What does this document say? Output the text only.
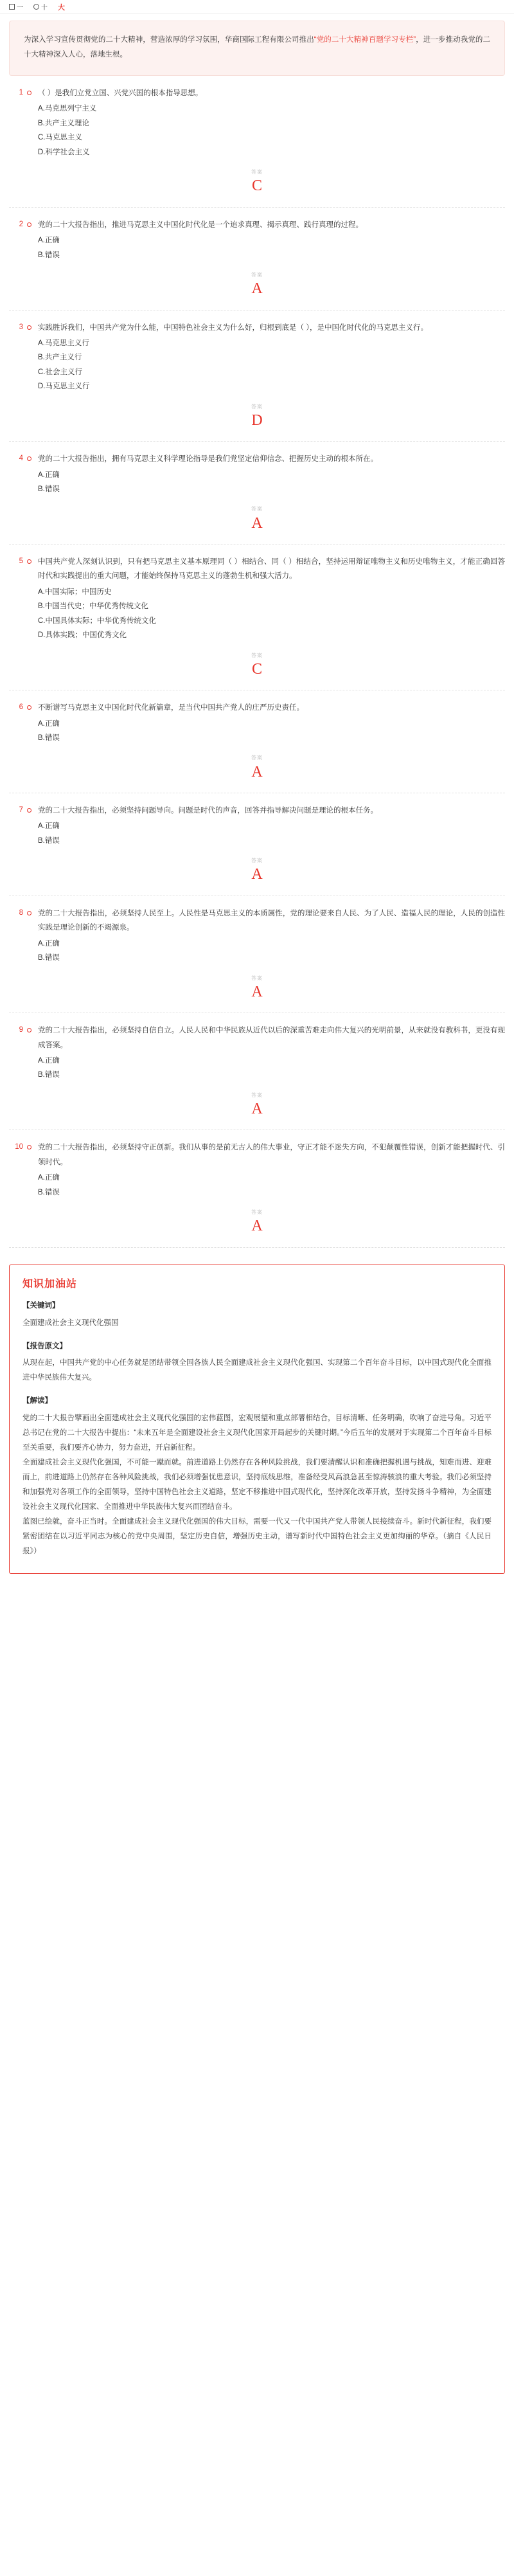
一	十 大

为深入学习宣传贯彻党的二十大精神，营造浓厚的学习氛围，华商国际工程有限公司推出“党的二十大精神百题学习专栏”，进一步推动我党的二十大精神深入人心，落地生根。

1 （ ）是我们立党立国、兴党兴国的根本指导思想。

A.马克思列宁主义
B.共产主义理论
C.马克思主义
D.科学社会主义
答案
C
2 党的二十大报告指出，推进马克思主义中国化时代化是一个追求真理、揭示真理、践行真理的过程。

A.正确
B.错误
答案
A
3 实践胜诉我们，中国共产党为什么能，中国特色社会主义为什么好，归根到底是（ ），是中国化时代化的马克思主义行。

A.马克思主义行
B.共产主义行
C.社会主义行
D.马克思主义行
答案
D
4 党的二十大报告指出，拥有马克思主义科学理论指导是我们党坚定信仰信念、把握历史主动的根本所在。

A.正确
B.错误
答案
A
5 中国共产党人深刻认识到，只有把马克思主义基本原理同（ ）相结合、同（ ）相结合，坚持运用辩证唯物主义和历史唯物主义，才能正确回答时代和实践提出的重大问题，才能始终保持马克思主义的蓬勃生机和强大活力。

A.中国实际；中国历史
B.中国当代史；中华优秀传统文化
C.中国具体实际；中华优秀传统文化
D.具体实践；中国优秀文化
答案
C
6 不断谱写马克思主义中国化时代化新篇章，是当代中国共产党人的庄严历史责任。

A.正确
B.错误
答案
A
7 党的二十大报告指出，必须坚持问题导向。问题是时代的声音，回答并指导解决问题是理论的根本任务。

A.正确
B.错误
答案
A
8 党的二十大报告指出，必须坚持人民至上。人民性是马克思主义的本质属性，党的理论要来自人民、为了人民、造福人民的理论，人民的创造性实践是理论创新的不竭源泉。

A.正确
B.错误
答案
A
9 党的二十大报告指出，必须坚持自信自立。人民人民和中华民族从近代以后的深重苦难走向伟大复兴的光明前景，从来就没有教科书，更没有现成答案。

A.正确
B.错误
答案
A
10 党的二十大报告指出，必须坚持守正创新。我们从事的是前无古人的伟大事业，守正才能不迷失方向，不犯颠覆性错误，创新才能把握时代、引领时代。

A.正确
B.错误
答案
A
知识加油站
【关键词】

全面建成社会主义现代化强国

【报告原文】

从现在起，中国共产党的中心任务就是团结带领全国各族人民全面建成社会主义现代化强国、实现第二个百年奋斗目标，以中国式现代化全面推进中华民族伟大复兴。

【解读】

党的二十大报告擘画出全面建成社会主义现代化强国的宏伟蓝图，宏观展望和重点部署相结合，目标清晰、任务明确，吹响了奋进号角。习近平总书记在党的二十大报告中提出：“未来五年是全面建设社会主义现代化国家开局起步的关键时期。”今后五年的发展对于实现第二个百年奋斗目标至关重要，我们要齐心协力，努力奋进，开启新征程。

全面建成社会主义现代化强国，不可能一蹴而就。前进道路上仍然存在各种风险挑战，我们要清醒认识和准确把握机遇与挑战，知难而进、迎难而上，前进道路上仍然存在各种风险挑战，我们必须增强忧患意识，坚持底线思维，准备经受风高浪急甚至惊涛骇浪的重大考验。我们必须坚持和加强党对各项工作的全面领导，坚持中国特色社会主义道路，坚定不移推进中国式现代化，坚持深化改革开放，坚持发扬斗争精神，为全面建设社会主义现代化国家、全面推进中华民族伟大复兴而团结奋斗。

蓝图已绘就，奋斗正当时。全面建成社会主义现代化强国的伟大目标，需要一代又一代中国共产党人带领人民接续奋斗。新时代新征程，我们要紧密团结在以习近平同志为核心的党中央周围，坚定历史自信，增强历史主动，谱写新时代中国特色社会主义更加绚丽的华章。（摘自《人民日报》）
